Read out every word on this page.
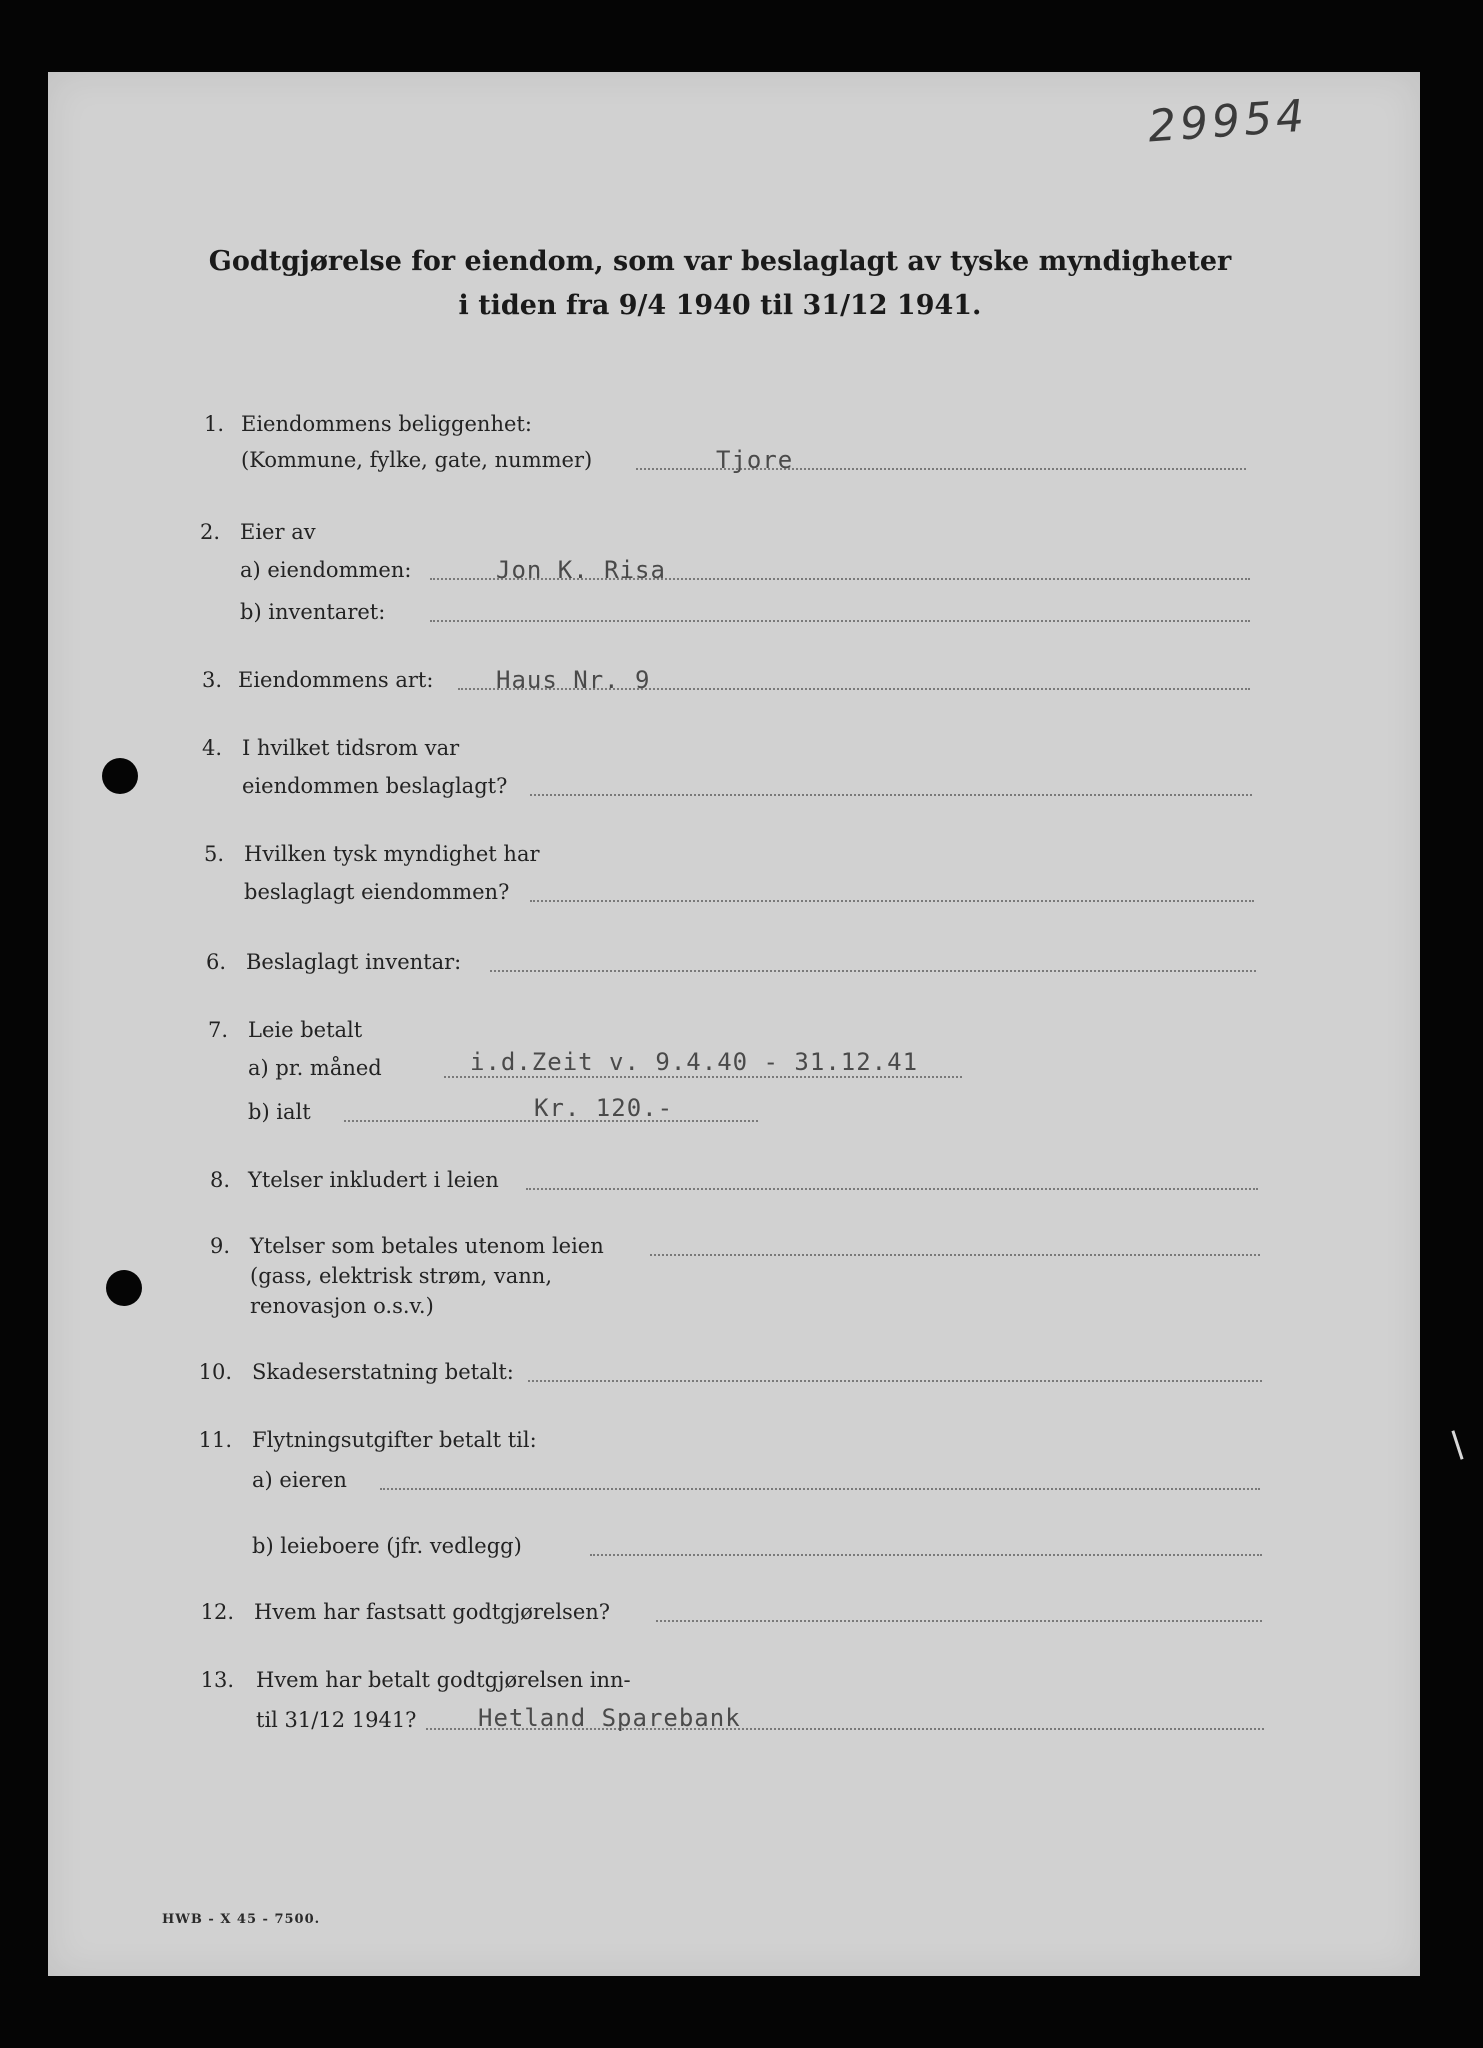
29954
Godtgjørelse for eiendom, som var beslaglagt av tyske myndigheter
i tiden fra 9/4 1940 til 31/12 1941.
1. Eiendommens beliggenhet:
(Kommune, fylke, gate, nummer)	Tjore
2. Eier av
a) eiendommen:	Jon K. Risa
b) inventaret:
3. Eiendommens art:	Haus Nr. 9
4. I hvilket tidsrom var
eiendommen beslaglagt?
5. Hvilken tysk myndighet har
beslaglagt eiendommen?
6. Beslaglagt inventar:
7. Leie betalt
a) pr. måned	i.d.Zeit v. 9.4.40 - 31.12.41
b) ialt	Kr. 120.-
8. Ytelser inkludert i leien
9. Ytelser som betales utenom leien
(gass, elektrisk strøm, vann,
renovasjon o.s.v.)
10. Skadeserstatning betalt:
11. Flytningsutgifter betalt til:
a) eieren
b) leieboere (jfr. vedlegg)
12. Hvem har fastsatt godtgjørelsen?
13. Hvem har betalt godtgjørelsen inn-
til 31/12 1941?	Hetland Sparebank
HWB - X 45 - 7500.
